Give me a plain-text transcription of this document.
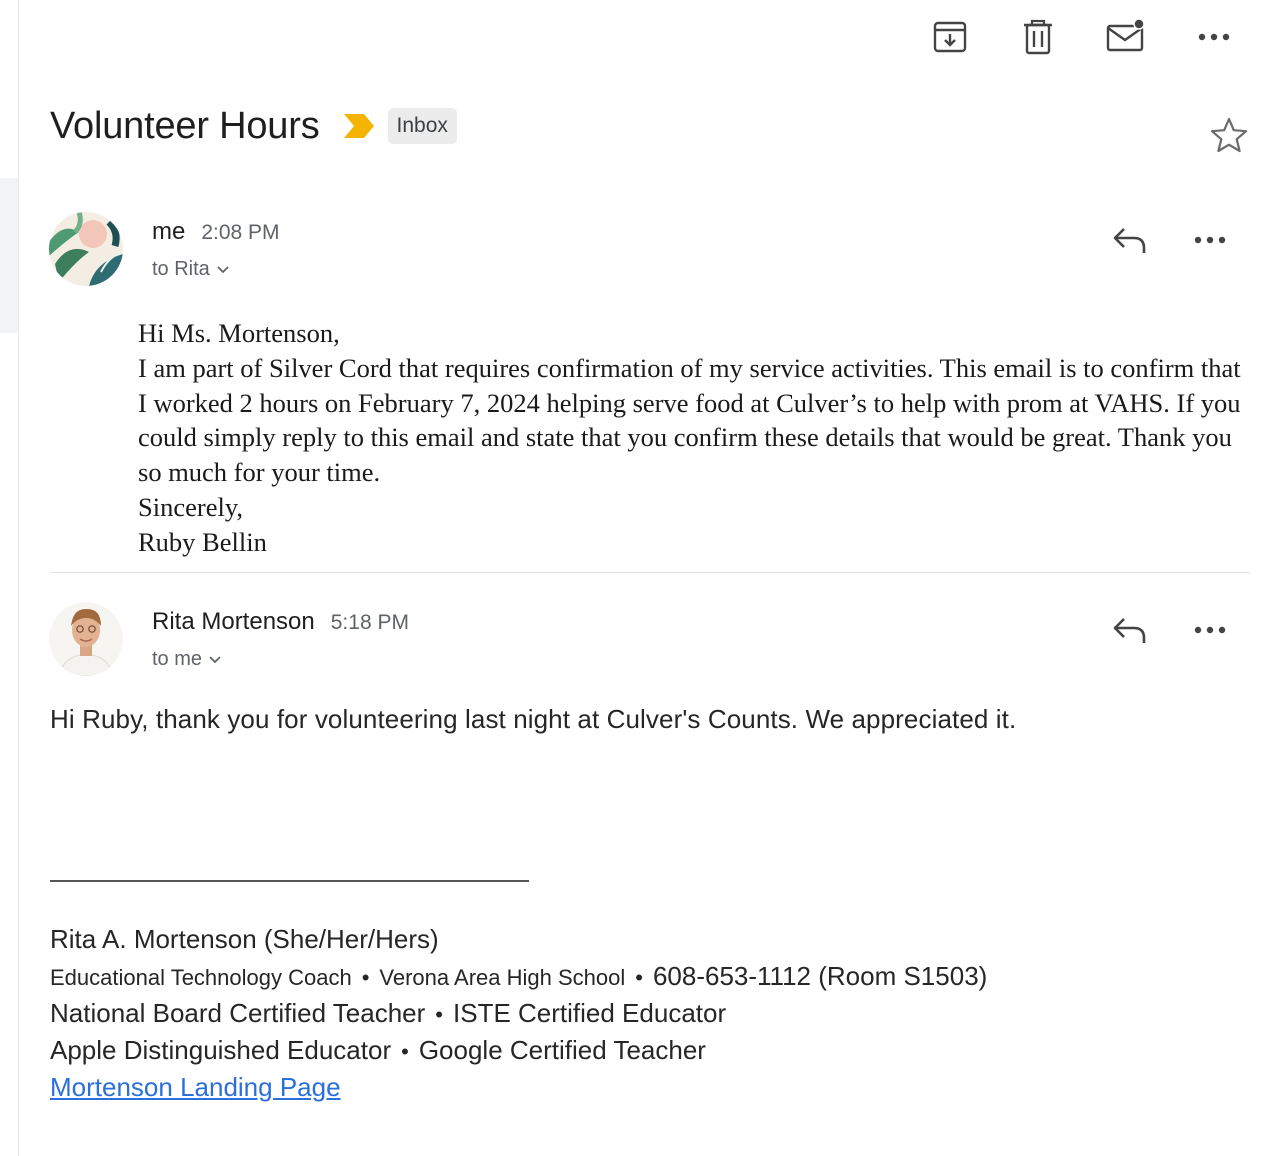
Volunteer Hours	Inbox
me 2:08 PM
to Rita

Hi Ms. Mortenson,

I am part of Silver Cord that requires confirmation of my service activities. This email is to confirm that I worked 2 hours on February 7, 2024 helping serve food at Culver’s to help with prom at VAHS. If you could simply reply to this email and state that you confirm these details that would be great. Thank you so much for your time.

Sincerely,

Ruby Bellin

Rita Mortenson 5:18 PM
to me
Hi Ruby, thank you for volunteering last night at Culver's Counts. We appreciated it.
Rita A. Mortenson (She/Her/Hers)
Educational Technology Coach • Verona Area High School • 608-653-1112 (Room S1503)
National Board Certified Teacher • ISTE Certified Educator
Apple Distinguished Educator • Google Certified Teacher
Mortenson Landing Page
